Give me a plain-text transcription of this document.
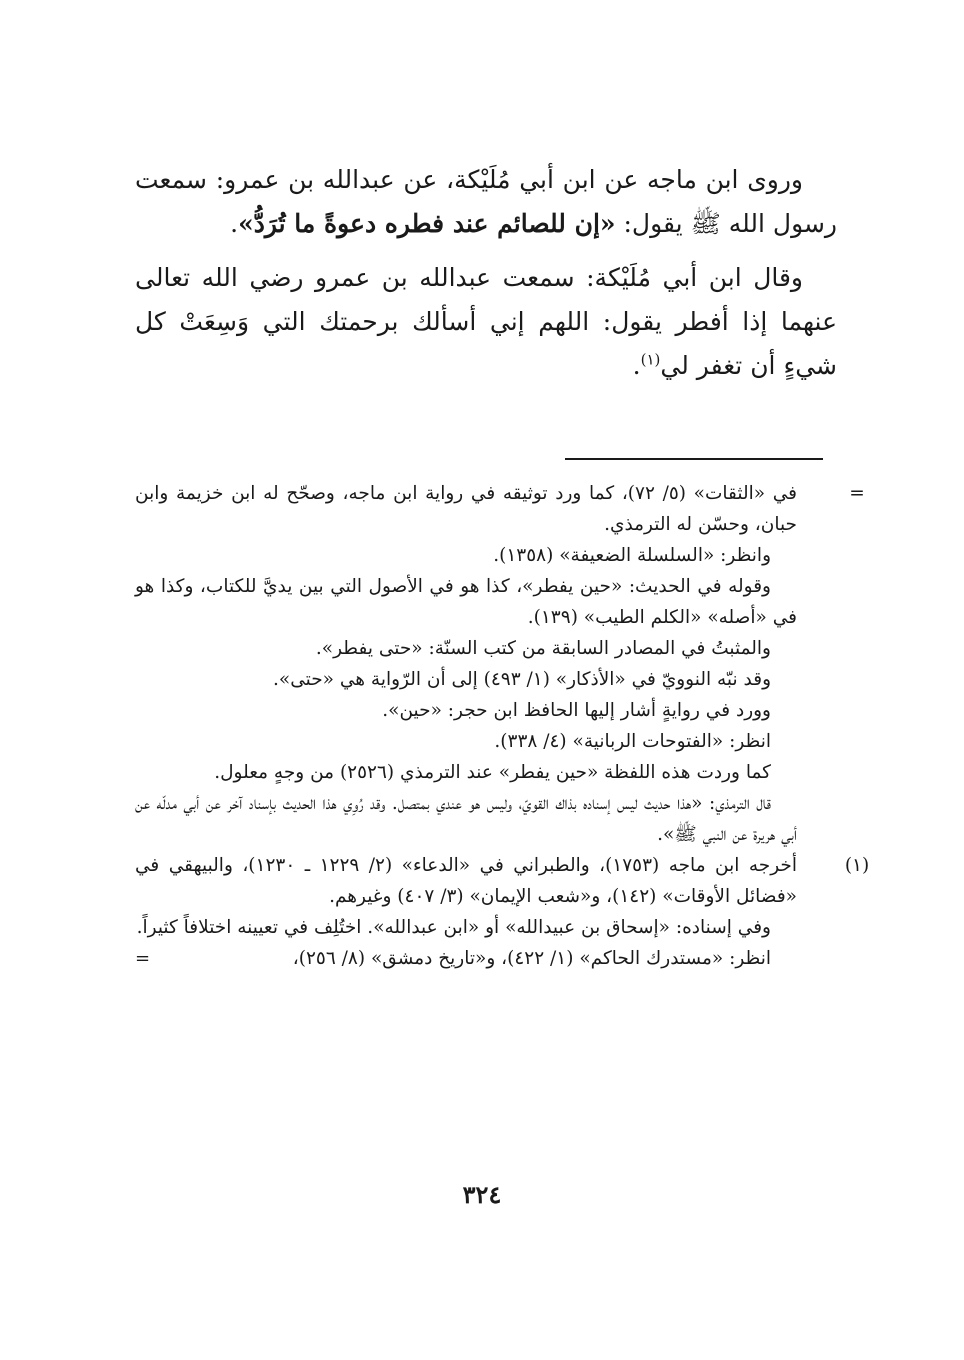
وروى ابن ماجه عن ابن أبي مُلَيْكة، عن عبدالله بن عمرو: سمعت رسول الله ﷺ يقول: «إن للصائم عند فطره دعوةً ما تُرَدُّ».

وقال ابن أبي مُلَيْكة: سمعت عبدالله بن عمرو رضي الله تعالى عنهما إذا أفطر يقول: اللهم إني أسألك برحمتك التي وَسِعَتْ كل شيءٍ أن تغفر لي$^{(١)}$.

=

في «الثقات» (٥/ ٧٢)، كما ورد توثيقه في رواية ابن ماجه، وصحّح له ابن خزيمة وابن حبان، وحسّن له الترمذي.

وانظر: «السلسلة الضعيفة» (١٣٥٨).

وقوله في الحديث: «حين يفطر»، كذا هو في الأصول التي بين يديَّ للكتاب، وكذا هو في «أصله» «الكلم الطيب» (١٣٩).

والمثبتُ في المصادر السابقة من كتب السنّة: «حتى يفطر».

وقد نبّه النوويّ في «الأذكار» (١/ ٤٩٣) إلى أن الرّواية هي «حتى».

وورد في روايةٍ أشار إليها الحافظ ابن حجر: «حين».

انظر: «الفتوحات الربانية» (٤/ ٣٣٨).

كما وردت هذه اللفظة «حين يفطر» عند الترمذي (٢٥٢٦) من وجهٍ معلول.

قال الترمذي: «هذا حديث ليس إسناده بذاك القويّ، وليس هو عندي بمتصل. وقد رُوِي هذا الحديث بإسناد آخر عن أبي مدلّه عن أبي هريرة عن النبي ﷺ».

(١)

أخرجه ابن ماجه (١٧٥٣)، والطبراني في «الدعاء» (٢/ ١٢٢٩ ـ ١٢٣٠)، والبيهقي في «فضائل الأوقات» (١٤٢)، و«شعب الإيمان» (٣/ ٤٠٧) وغيرهم.

وفي إسناده: «إسحاق بن عبيدالله» أو «ابن عبدالله». اختُلِف في تعيينه اختلافاً كثيراً.

انظر: «مستدرك الحاكم» (١/ ٤٢٢)، و«تاريخ دمشق» (٨/ ٢٥٦)،
=

٣٢٤
